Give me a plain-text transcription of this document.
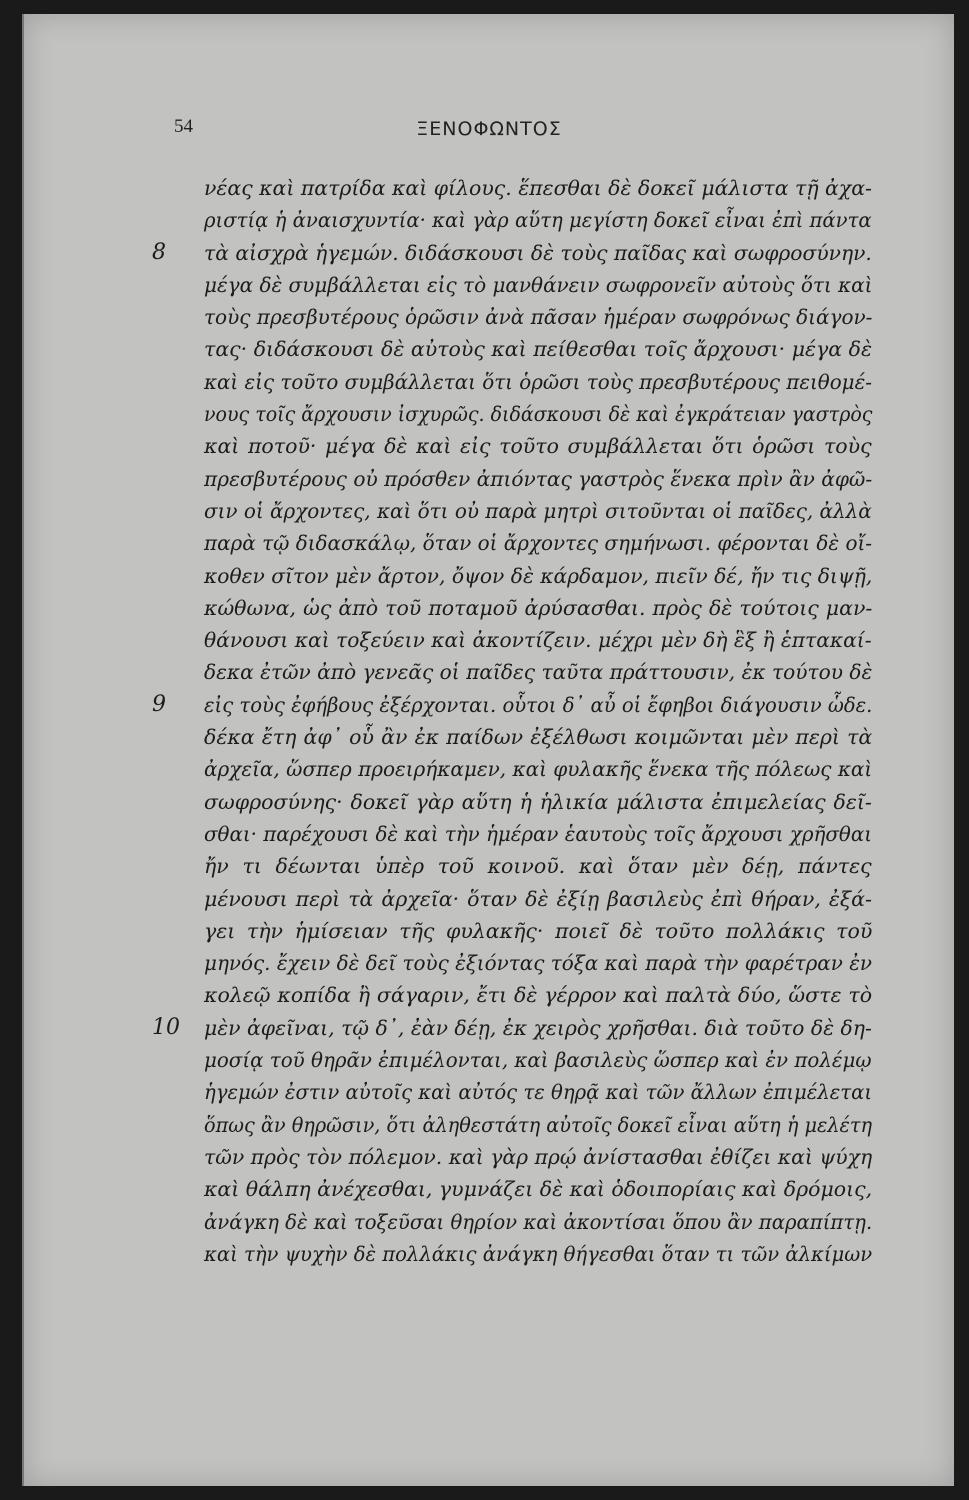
54	ΞΕΝΟΦΩΝΤΟΣ
νέας καὶ πατρίδα καὶ φίλους. ἕπεσθαι δὲ δοκεῖ μάλιστα τῇ ἀχα-
ριστίᾳ ἡ ἀναισχυντία· καὶ γὰρ αὕτη μεγίστη δοκεῖ εἶναι ἐπὶ πάντα
τὰ αἰσχρὰ ἡγεμών. διδάσκουσι δὲ τοὺς παῖδας καὶ σωφροσύνην.
8
μέγα δὲ συμβάλλεται εἰς τὸ μανθάνειν σωφρονεῖν αὐτοὺς ὅτι καὶ
τοὺς πρεσβυτέρους ὁρῶσιν ἀνὰ πᾶσαν ἡμέραν σωφρόνως διάγον-
τας· διδάσκουσι δὲ αὐτοὺς καὶ πείθεσθαι τοῖς ἄρχουσι· μέγα δὲ
καὶ εἰς τοῦτο συμβάλλεται ὅτι ὁρῶσι τοὺς πρεσβυτέρους πειθομέ-
νους τοῖς ἄρχουσιν ἰσχυρῶς. διδάσκουσι δὲ καὶ ἐγκράτειαν γαστρὸς
καὶ ποτοῦ· μέγα δὲ καὶ εἰς τοῦτο συμβάλλεται ὅτι ὁρῶσι τοὺς
πρεσβυτέρους οὐ πρόσθεν ἀπιόντας γαστρὸς ἕνεκα πρὶν ἂν ἀφῶ-
σιν οἱ ἄρχοντες, καὶ ὅτι οὐ παρὰ μητρὶ σιτοῦνται οἱ παῖδες, ἀλλὰ
παρὰ τῷ διδασκάλῳ, ὅταν οἱ ἄρχοντες σημήνωσι. φέρονται δὲ οἴ-
κοθεν σῖτον μὲν ἄρτον, ὄψον δὲ κάρδαμον, πιεῖν δέ, ἤν τις διψῇ,
κώθωνα, ὡς ἀπὸ τοῦ ποταμοῦ ἀρύσασθαι. πρὸς δὲ τούτοις μαν-
θάνουσι καὶ τοξεύειν καὶ ἀκοντίζειν. μέχρι μὲν δὴ ἓξ ἢ ἑπτακαί-
δεκα ἐτῶν ἀπὸ γενεᾶς οἱ παῖδες ταῦτα πράττουσιν, ἐκ τούτου δὲ
εἰς τοὺς ἐφήβους ἐξέρχονται. οὗτοι δ᾽ αὖ οἱ ἔφηβοι διάγουσιν ὧδε.
9
δέκα ἔτη ἀφ᾽ οὗ ἂν ἐκ παίδων ἐξέλθωσι κοιμῶνται μὲν περὶ τὰ
ἀρχεῖα, ὥσπερ προειρήκαμεν, καὶ φυλακῆς ἕνεκα τῆς πόλεως καὶ
σωφροσύνης· δοκεῖ γὰρ αὕτη ἡ ἡλικία μάλιστα ἐπιμελείας δεῖ-
σθαι· παρέχουσι δὲ καὶ τὴν ἡμέραν ἑαυτοὺς τοῖς ἄρχουσι χρῆσθαι
ἤν τι δέωνται ὑπὲρ τοῦ κοινοῦ. καὶ ὅταν μὲν δέῃ, πάντες
μένουσι περὶ τὰ ἀρχεῖα· ὅταν δὲ ἐξίῃ βασιλεὺς ἐπὶ θήραν, ἐξά-
γει τὴν ἡμίσειαν τῆς φυλακῆς· ποιεῖ δὲ τοῦτο πολλάκις τοῦ
μηνός. ἔχειν δὲ δεῖ τοὺς ἐξιόντας τόξα καὶ παρὰ τὴν φαρέτραν ἐν
κολεῷ κοπίδα ἢ σάγαριν, ἔτι δὲ γέρρον καὶ παλτὰ δύο, ὥστε τὸ
μὲν ἀφεῖναι, τῷ δ᾽, ἐὰν δέῃ, ἐκ χειρὸς χρῆσθαι. διὰ τοῦτο δὲ δη-
10
μοσίᾳ τοῦ θηρᾶν ἐπιμέλονται, καὶ βασιλεὺς ὥσπερ καὶ ἐν πολέμῳ
ἡγεμών ἐστιν αὐτοῖς καὶ αὐτός τε θηρᾷ καὶ τῶν ἄλλων ἐπιμέλεται
ὅπως ἂν θηρῶσιν, ὅτι ἀληθεστάτη αὐτοῖς δοκεῖ εἶναι αὕτη ἡ μελέτη
τῶν πρὸς τὸν πόλεμον. καὶ γὰρ πρῴ ἀνίστασθαι ἐθίζει καὶ ψύχη
καὶ θάλπη ἀνέχεσθαι, γυμνάζει δὲ καὶ ὁδοιπορίαις καὶ δρόμοις,
ἀνάγκη δὲ καὶ τοξεῦσαι θηρίον καὶ ἀκοντίσαι ὅπου ἂν παραπίπτῃ.
καὶ τὴν ψυχὴν δὲ πολλάκις ἀνάγκη θήγεσθαι ὅταν τι τῶν ἀλκίμων
